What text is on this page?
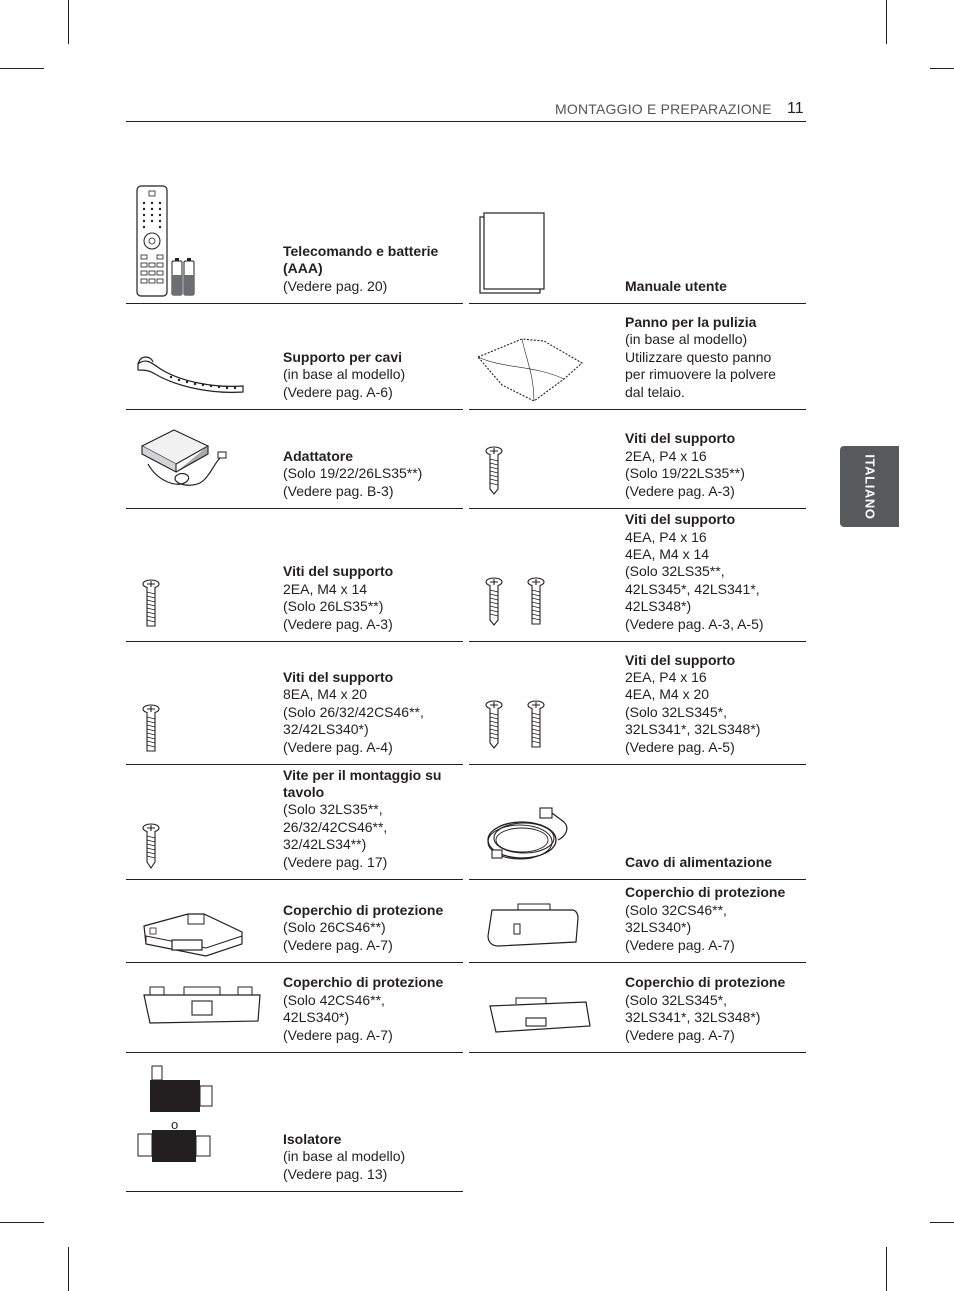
MONTAGGIO E PREPARAZIONE 11
ITALIANO
Telecomando e batterie (AAA)
(Vedere pag. 20)	Manuale utente
Supporto per cavi
(in base al modello)
(Vedere pag. A-6)
Panno per la pulizia
(in base al modello)
Utilizzare questo panno
per rimuovere la polvere
dal telaio.
Adattatore
(Solo 19/22/26LS35**)
(Vedere pag. B-3)
Viti del supporto
2EA, P4 x 16
(Solo 19/22LS35**)
(Vedere pag. A-3)
Viti del supporto
2EA, M4 x 14
(Solo 26LS35**)
(Vedere pag. A-3)
Viti del supporto
4EA, P4 x 16
4EA, M4 x 14
(Solo 32LS35**,
42LS345*, 42LS341*,
42LS348*)
(Vedere pag. A-3, A-5)
Viti del supporto
8EA, M4 x 20
(Solo 26/32/42CS46**,
32/42LS340*)
(Vedere pag. A-4)
Viti del supporto
2EA, P4 x 16
4EA, M4 x 20
(Solo 32LS345*,
32LS341*, 32LS348*)
(Vedere pag. A-5)
Vite per il montaggio su tavolo
(Solo 32LS35**,
26/32/42CS46**,
32/42LS34**)
(Vedere pag. 17)	Cavo di alimentazione
Coperchio di protezione
(Solo 26CS46**)
(Vedere pag. A-7)
Coperchio di protezione
(Solo 32CS46**,
32LS340*)
(Vedere pag. A-7)
Coperchio di protezione
(Solo 42CS46**,
42LS340*)
(Vedere pag. A-7)
Coperchio di protezione
(Solo 32LS345*,
32LS341*, 32LS348*)
(Vedere pag. A-7)
Isolatore
(in base al modello)
(Vedere pag. 13)
o
